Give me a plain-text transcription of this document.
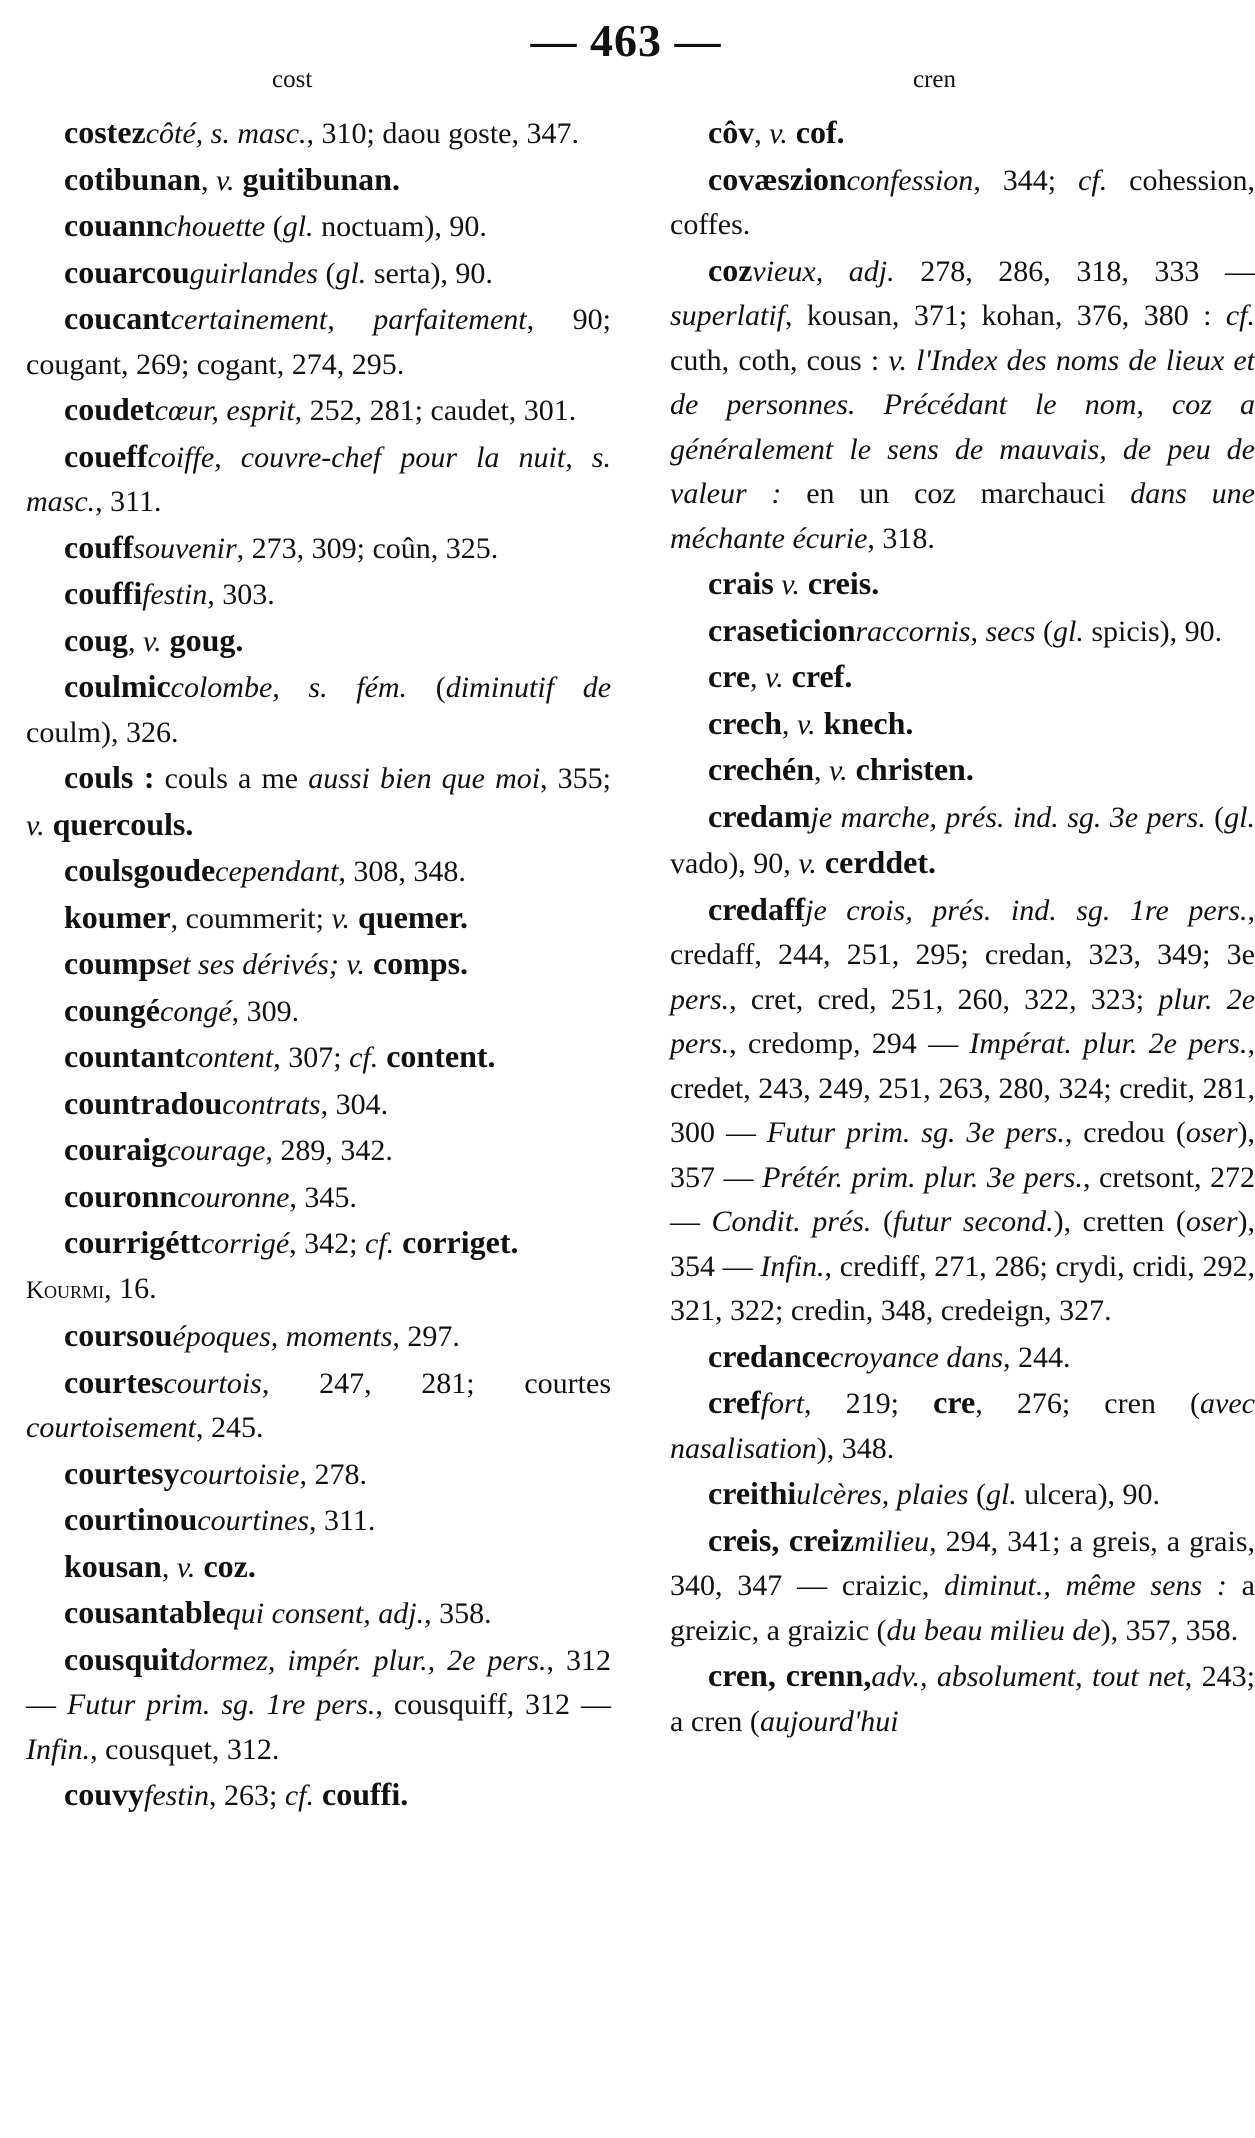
— 463 —
cost	cren

costezcôté, s. masc., 310; daou goste, 347.

cotibunan, v. guitibunan.

couannchouette (gl. noctuam), 90.

couarcouguirlandes (gl. serta), 90.

coucantcertainement, parfaitement, 90; cougant, 269; cogant, 274, 295.

coudetcœur, esprit, 252, 281; caudet, 301.

coueffcoiffe, couvre-chef pour la nuit, s. masc., 311.

couffsouvenir, 273, 309; coûn, 325.

couffifestin, 303.

coug, v. goug.

coulmiccolombe, s. fém. (diminutif de coulm), 326.

couls : couls a me aussi bien que moi, 355; v. quercouls.

coulsgoudecependant, 308, 348.

koumer, coummerit; v. quemer.

coumpset ses dérivés; v. comps.

coungécongé, 309.

countantcontent, 307; cf. content.

countradoucontrats, 304.

couraigcourage, 289, 342.

couronncouronne, 345.

courrigéttcorrigé, 342; cf. corriget.

Kourmi, 16.

coursouépoques, moments, 297.

courtescourtois, 247, 281; courtes courtoisement, 245.

courtesycourtoisie, 278.

courtinoucourtines, 311.

kousan, v. coz.

cousantablequi consent, adj., 358.

cousquitdormez, impér. plur., 2e pers., 312 — Futur prim. sg. 1re pers., cousquiff, 312 — Infin., cousquet, 312.

couvyfestin, 263; cf. couffi.

côv, v. cof.

covæszionconfession, 344; cf. cohession, coffes.

cozvieux, adj. 278, 286, 318, 333 — superlatif, kousan, 371; kohan, 376, 380 : cf. cuth, coth, cous : v. l'Index des noms de lieux et de personnes. Précédant le nom, coz a généralement le sens de mauvais, de peu de valeur : en un coz marchauci dans une méchante écurie, 318.

crais v. creis.

craseticionraccornis, secs (gl. spicis), 90.

cre, v. cref.

crech, v. knech.

crechén, v. christen.

credamje marche, prés. ind. sg. 3e pers. (gl. vado), 90, v. cerddet.

credaffje crois, prés. ind. sg. 1re pers., credaff, 244, 251, 295; credan, 323, 349; 3e pers., cret, cred, 251, 260, 322, 323; plur. 2e pers., credomp, 294 — Impérat. plur. 2e pers., credet, 243, 249, 251, 263, 280, 324; credit, 281, 300 — Futur prim. sg. 3e pers., credou (oser), 357 — Prétér. prim. plur. 3e pers., cretsont, 272 — Condit. prés. (futur second.), cretten (oser), 354 — Infin., crediff, 271, 286; crydi, cridi, 292, 321, 322; credin, 348, credeign, 327.

credancecroyance dans, 244.

creffort, 219; cre, 276; cren (avec nasalisation), 348.

creithiulcères, plaies (gl. ulcera), 90.

creis, creizmilieu, 294, 341; a greis, a grais, 340, 347 — craizic, diminut., même sens : a greizic, a graizic (du beau milieu de), 357, 358.

cren, crenn,adv., absolument, tout net, 243; a cren (aujourd'hui
